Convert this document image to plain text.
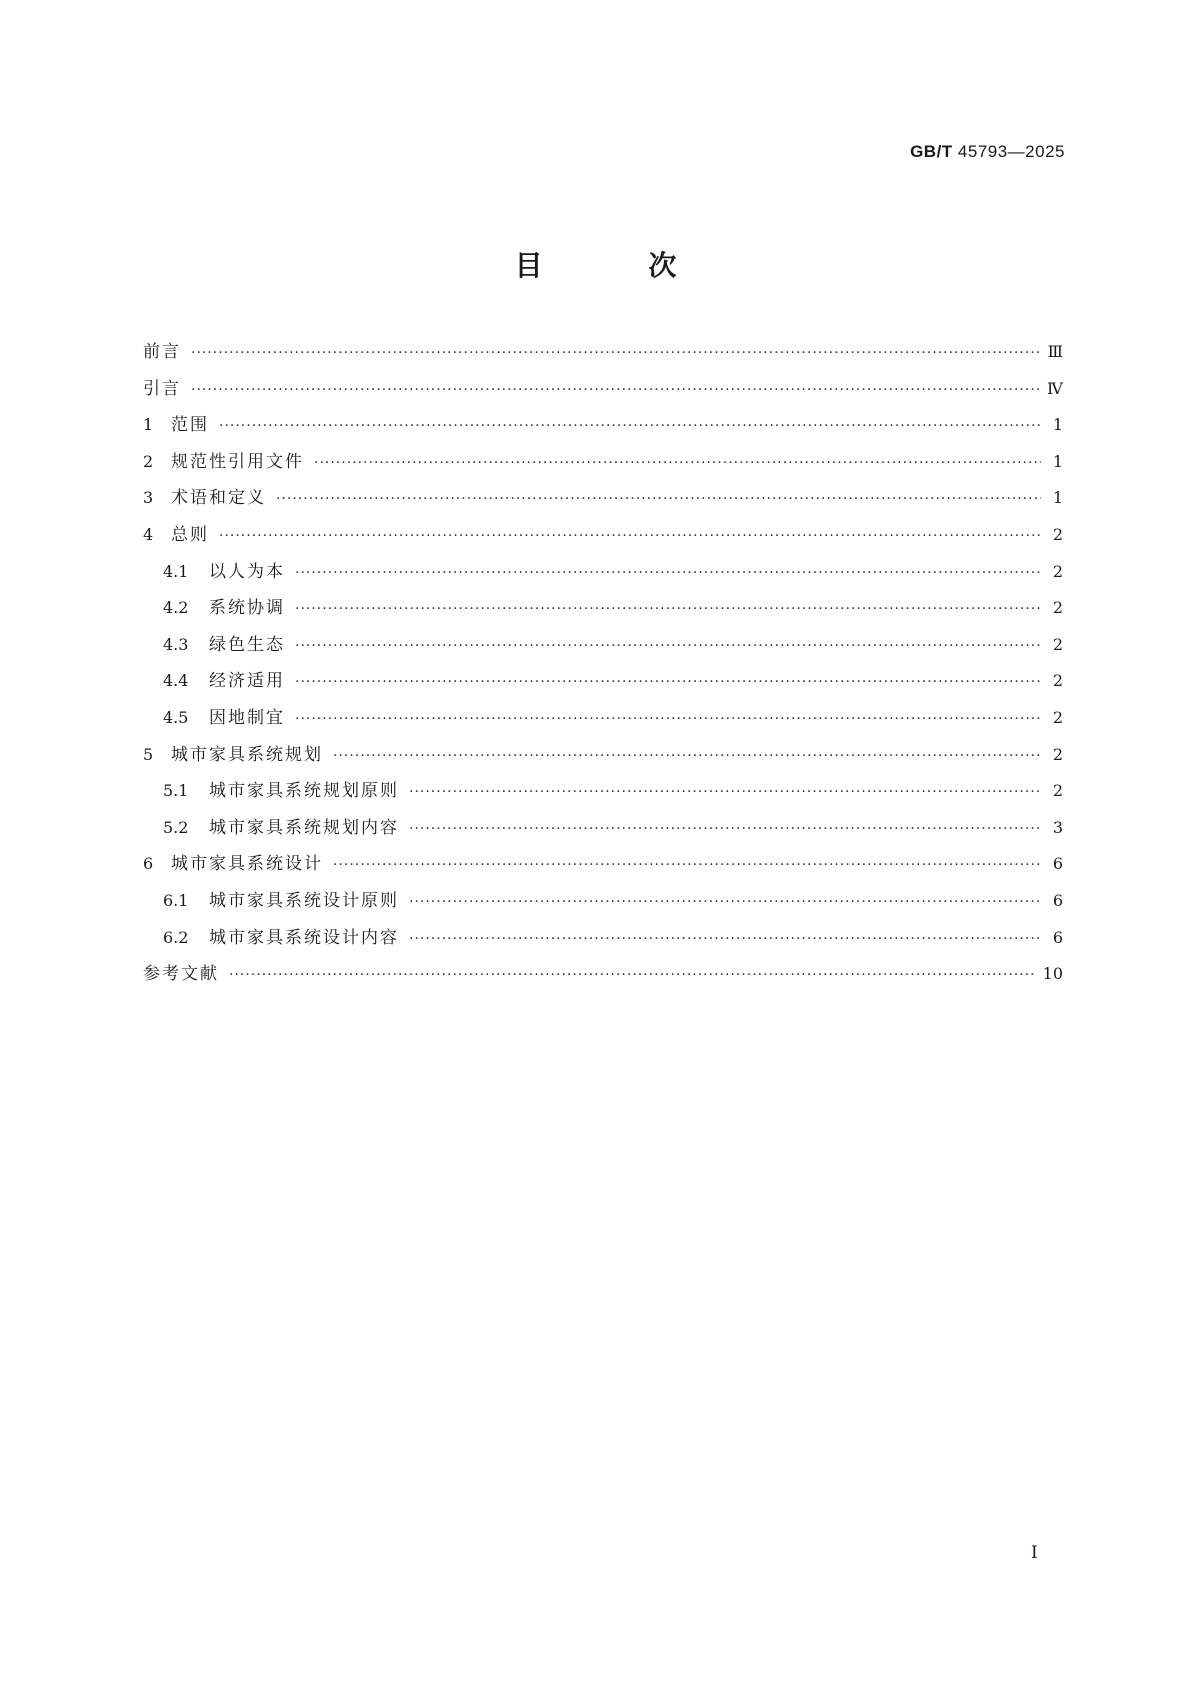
GB/T 45793—2025
目 次
前言 ·····	Ⅲ
引言 ·····	Ⅳ
1	范围 ·····	1
2	规范性引用文件 ·····	1
3	术语和定义 ·····	1
4	总则 ·····	2
4.1	以人为本 ·····	2
4.2	系统协调 ·····	2
4.3	绿色生态 ·····	2
4.4	经济适用 ·····	2
4.5	因地制宜 ·····	2
5	城市家具系统规划 ·····	2
5.1	城市家具系统规划原则 ·····	2
5.2	城市家具系统规划内容 ·····	3
6	城市家具系统设计 ·····	6
6.1	城市家具系统设计原则 ·····	6
6.2	城市家具系统设计内容 ·····	6
参考文献 ·····	10
Ⅰ
